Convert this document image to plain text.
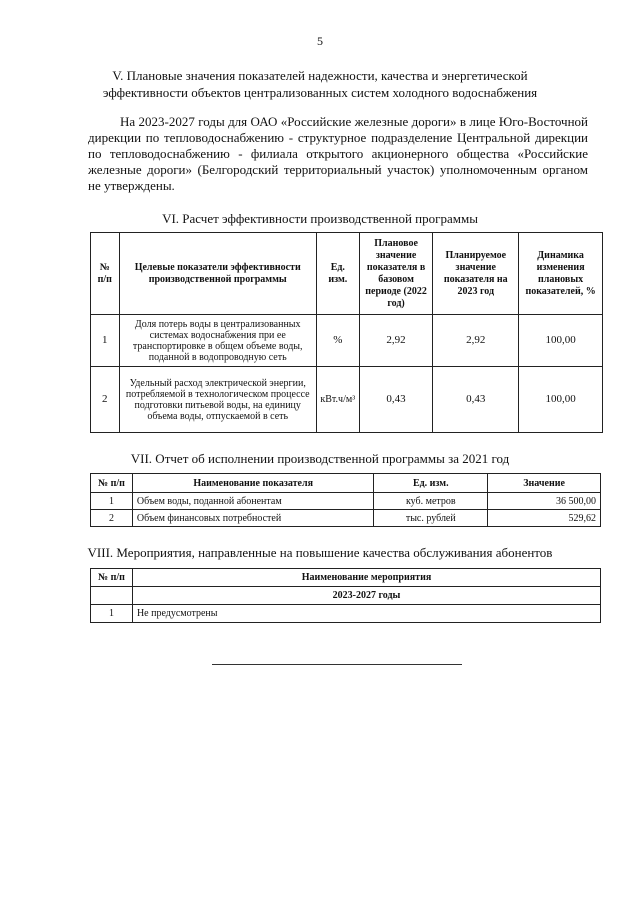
5
V. Плановые значения показателей надежности, качества и энергетической
эффективности объектов централизованных систем холодного водоснабжения
На 2023-2027 годы для ОАО «Российские железные дороги» в лице Юго-Восточной дирекции по тепловодоснабжению - структурное подразделение Центральной дирекции по тепловодоснабжению - филиала открытого акционерного общества «Российские железные дороги» (Белгородский территориальный участок) уполномоченным органом не утверждены.
VI. Расчет эффективности производственной программы
№ п/п	Целевые показатели эффективности производственной программы	Ед. изм.	Плановое значение показателя в базовом периоде (2022 год)	Планируемое значение показателя на 2023 год	Динамика изменения плановых показателей, %
1	Доля потерь воды в централизованных системах водоснабжения при ее транспортировке в общем объеме воды, поданной в водопроводную сеть	%	2,92	2,92	100,00
2	Удельный расход электрической энергии, потребляемой в технологическом процессе подготовки питьевой воды, на единицу объема воды, отпускаемой в сеть	кВт.ч/м³	0,43	0,43	100,00
VII. Отчет об исполнении производственной программы за 2021 год
№ п/п	Наименование показателя	Ед. изм.	Значение
1	Объем воды, поданной абонентам	куб. метров	36 500,00
2	Объем финансовых потребностей	тыс. рублей	529,62
VIII. Мероприятия, направленные на повышение качества обслуживания абонентов
№ п/п	Наименование мероприятия
	2023-2027 годы
1	Не предусмотрены
